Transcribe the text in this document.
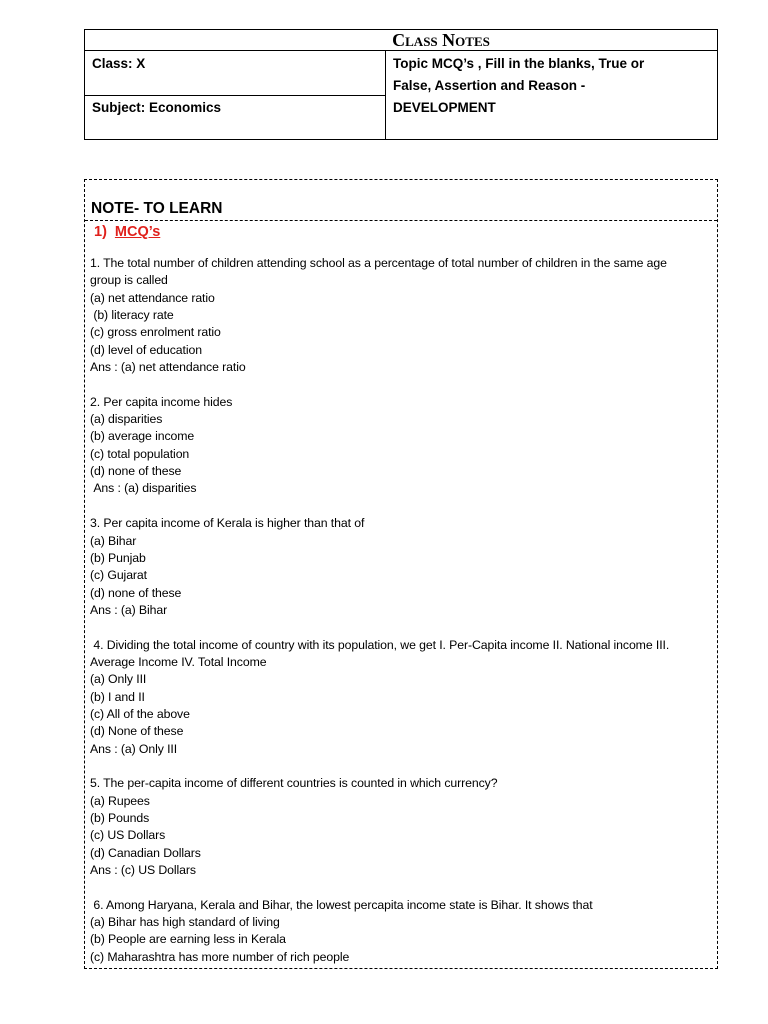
Class Notes
Class: X
Subject: Economics
Topic MCQ’s , Fill in the blanks, True or
False, Assertion and Reason -
DEVELOPMENT
NOTE- TO LEARN
1) MCQ’s
1. The total number of children attending school as a percentage of total number of children in the same age
group is called
(a) net attendance ratio
(b) literacy rate
(c) gross enrolment ratio
(d) level of education
Ans : (a) net attendance ratio
2. Per capita income hides
(a) disparities
(b) average income
(c) total population
(d) none of these
Ans : (a) disparities
3. Per capita income of Kerala is higher than that of
(a) Bihar
(b) Punjab
(c) Gujarat
(d) none of these
Ans : (a) Bihar
4. Dividing the total income of country with its population, we get I. Per-Capita income II. National income III.
Average Income IV. Total Income
(a) Only III
(b) I and II
(c) All of the above
(d) None of these
Ans : (a) Only III
5. The per-capita income of different countries is counted in which currency?
(a) Rupees
(b) Pounds
(c) US Dollars
(d) Canadian Dollars
Ans : (c) US Dollars
6. Among Haryana, Kerala and Bihar, the lowest percapita income state is Bihar. It shows that
(a) Bihar has high standard of living
(b) People are earning less in Kerala
(c) Maharashtra has more number of rich people
